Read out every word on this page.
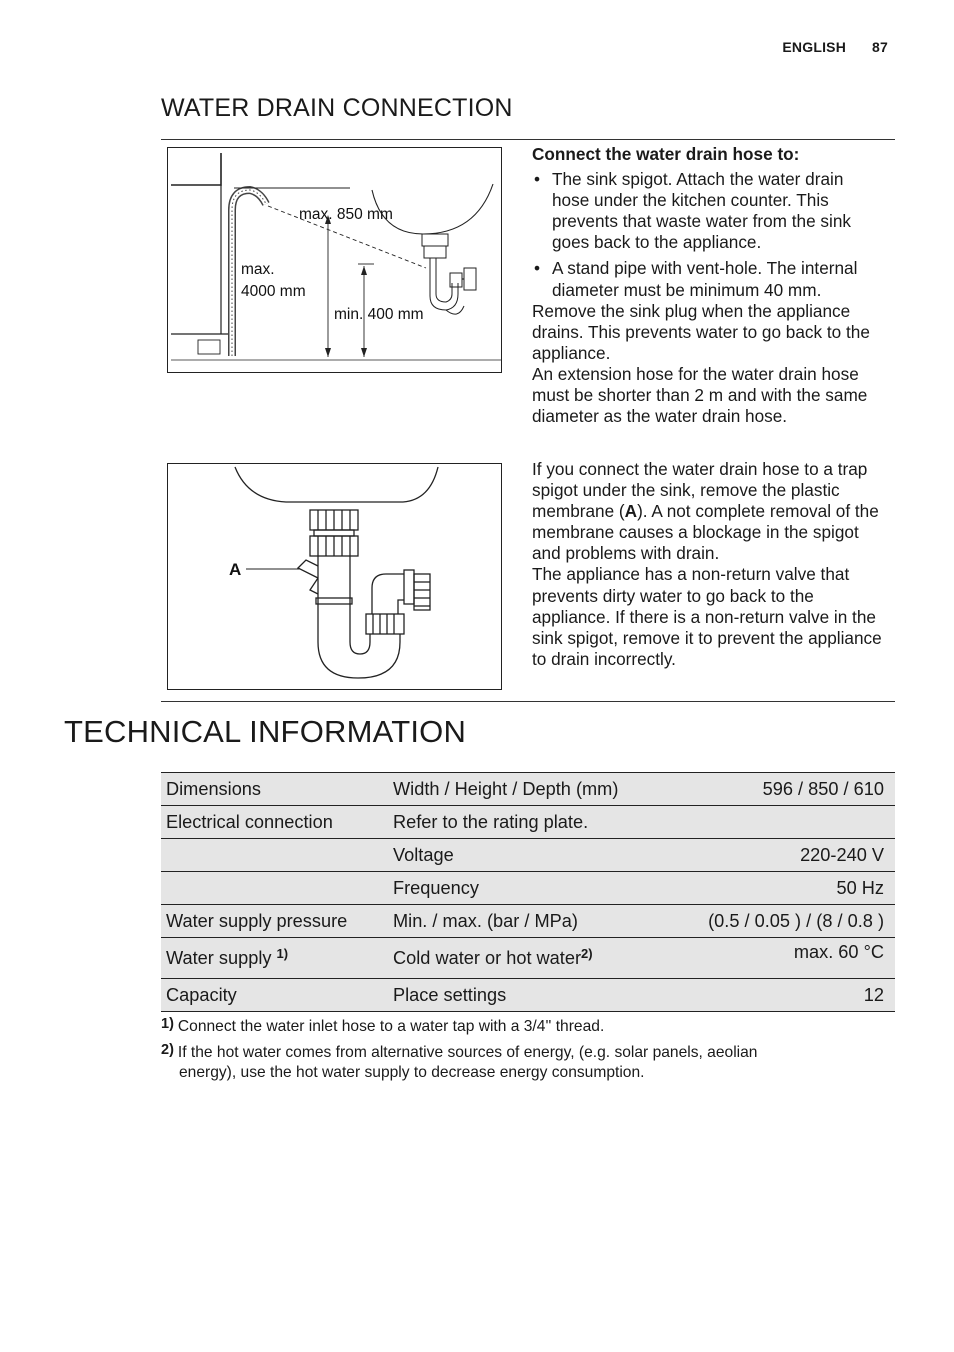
ENGLISH 87
WATER DRAIN CONNECTION
max. 850 mm
max.
4000 mm
min. 400 mm

Connect the water drain hose to:

• The sink spigot. Attach the water drain hose under the kitchen counter. This prevents that waste water from the sink goes back to the appliance.
• A stand pipe with vent-hole. The internal diameter must be minimum 40 mm.

Remove the sink plug when the appliance drains. This prevents water to go back to the appliance.

An extension hose for the water drain hose must be shorter than 2 m and with the same diameter as the water drain hose.

A

If you connect the water drain hose to a trap spigot under the sink, remove the plastic membrane (A). A not complete removal of the membrane causes a blockage in the spigot and problems with drain.

The appliance has a non-return valve that prevents dirty water to go back to the appliance. If there is a non-return valve in the sink spigot, remove it to prevent the appliance to drain incorrectly.

TECHNICAL INFORMATION
Dimensions	Width / Height / Depth (mm)	596 / 850 / 610
Electrical connection	Refer to the rating plate.	
	Voltage	220-240 V
	Frequency	50 Hz
Water supply pressure	Min. / max. (bar / MPa)	(0.5 / 0.05 ) / (8 / 0.8 )
Water supply $^{1)}$	Cold water or hot water$^{2)}$	max. 60 °C
Capacity	Place settings	12
1) Connect the water inlet hose to a water tap with a 3/4'' thread.
2) If the hot water comes from alternative sources of energy, (e.g. solar panels, aeolian
energy), use the hot water supply to decrease energy consumption.
